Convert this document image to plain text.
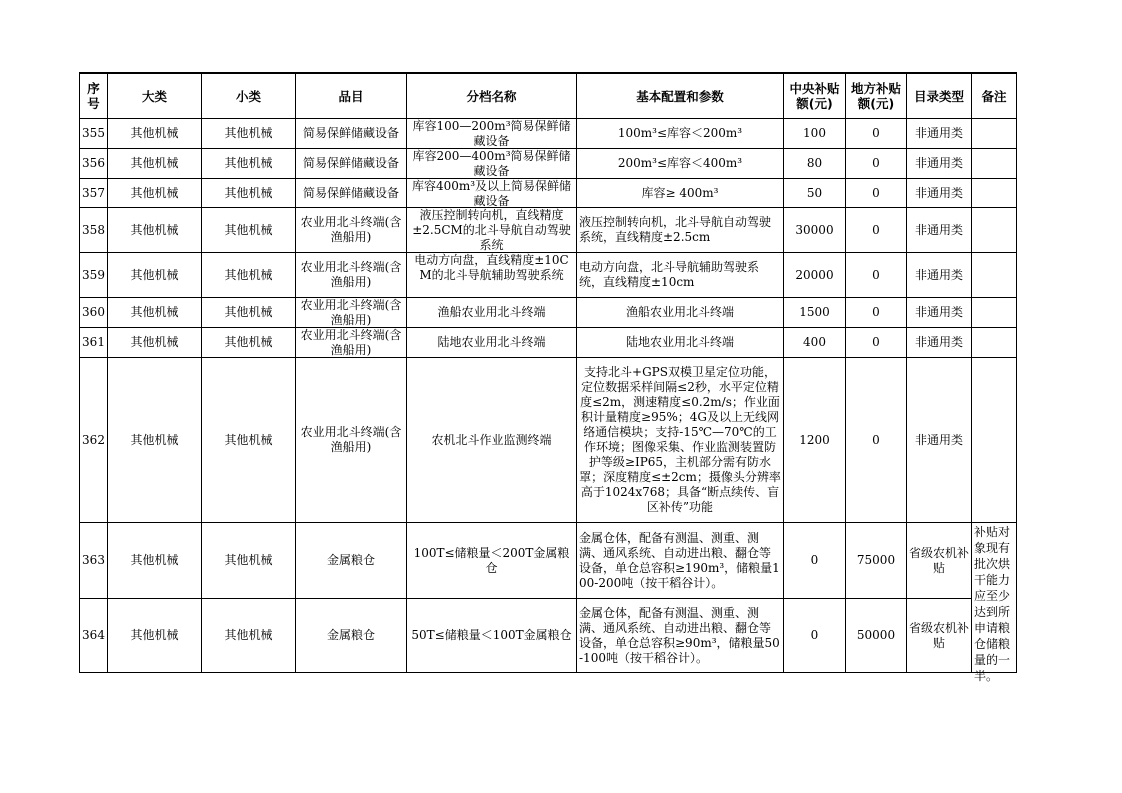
序号	大类	小类	品目	分档名称	基本配置和参数	中央补贴额(元)	地方补贴额(元)	目录类型	备注
355	其他机械	其他机械	简易保鲜储藏设备	库容100—200m³简易保鲜储藏设备	100m³≤库容＜200m³	100	0	非通用类	
356	其他机械	其他机械	简易保鲜储藏设备	库容200—400m³简易保鲜储藏设备	200m³≤库容＜400m³	80	0	非通用类	
357	其他机械	其他机械	简易保鲜储藏设备	库容400m³及以上简易保鲜储藏设备	库容≥ 400m³	50	0	非通用类	
358	其他机械	其他机械	农业用北斗终端(含渔船用)	液压控制转向机，直线精度±2.5CM的北斗导航自动驾驶系统	液压控制转向机，北斗导航自动驾驶系统，直线精度±2.5cm	30000	0	非通用类	
359	其他机械	其他机械	农业用北斗终端(含渔船用)	电动方向盘，直线精度±10CM的北斗导航辅助驾驶系统	电动方向盘，北斗导航辅助驾驶系统，直线精度±10cm	20000	0	非通用类	
360	其他机械	其他机械	农业用北斗终端(含渔船用)	渔船农业用北斗终端	渔船农业用北斗终端	1500	0	非通用类	
361	其他机械	其他机械	农业用北斗终端(含渔船用)	陆地农业用北斗终端	陆地农业用北斗终端	400	0	非通用类	
362	其他机械	其他机械	农业用北斗终端(含渔船用)	农机北斗作业监测终端	支持北斗+GPS双模卫星定位功能，定位数据采样间隔≤2秒，水平定位精度≤2m，测速精度≤0.2m/s；作业面积计量精度≥95%；4G及以上无线网络通信模块；支持-15℃—70℃的工作环境；图像采集、作业监测装置防护等级≥IP65，主机部分需有防水罩；深度精度≤±2cm；摄像头分辨率高于1024x768；具备“断点续传、盲区补传”功能	1200	0	非通用类	
363	其他机械	其他机械	金属粮仓	100T≤储粮量＜200T金属粮仓	金属仓体，配备有测温、测重、测满、通风系统、自动进出粮、翻仓等设备，单仓总容积≥190m³，储粮量100-200吨（按干稻谷计）。	0	75000	省级农机补贴	补贴对象现有批次烘干能力应至少达到所申请粮仓储粮量的一半。

364	其他机械	其他机械	金属粮仓	50T≤储粮量＜100T金属粮仓	金属仓体，配备有测温、测重、测满、通风系统、自动进出粮、翻仓等设备，单仓总容积≥90m³，储粮量50-100吨（按干稻谷计）。	0	50000	省级农机补贴	
